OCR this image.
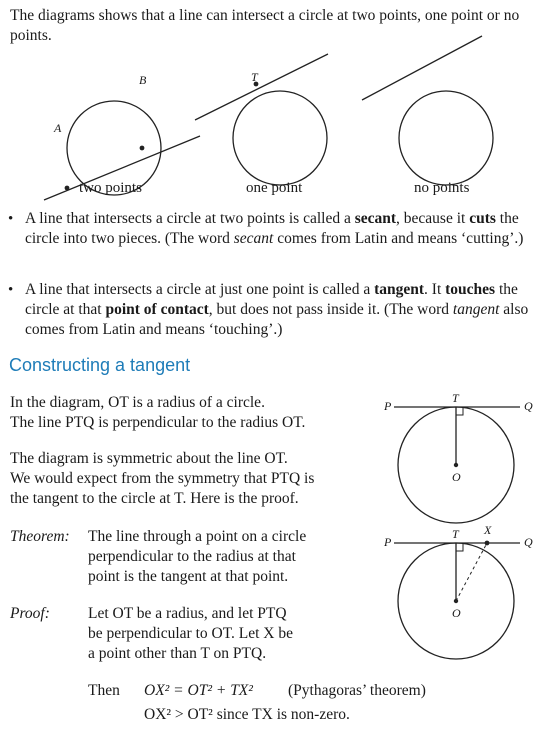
The diagrams shows that a line can intersect a circle at two points, one point or no points.
A
B	T
two points	one point	no points
• A line that intersects a circle at two points is called a secant, because it cuts the circle into two pieces. (The word secant comes from Latin and means ‘cutting’.)
• A line that intersects a circle at just one point is called a tangent. It touches the circle at that point of contact, but does not pass inside it. (The word tangent also comes from Latin and means ‘touching’.)
Constructing a tangent
In the diagram, OT is a radius of a circle.
The line PTQ is perpendicular to the radius OT.
The diagram is symmetric about the line OT.
We would expect from the symmetry that PTQ is
the tangent to the circle at T. Here is the proof.
Theorem: The line through a point on a circle
perpendicular to the radius at that
point is the tangent at that point.
Proof: Let OT be a radius, and let PTQ
be perpendicular to OT. Let X be
a point other than T on PTQ.
Then OX² = OT² + TX² (Pythagoras’ theorem)
OX² > OT² since TX is non-zero.
P
T
Q
O
P
T X
Q
O
